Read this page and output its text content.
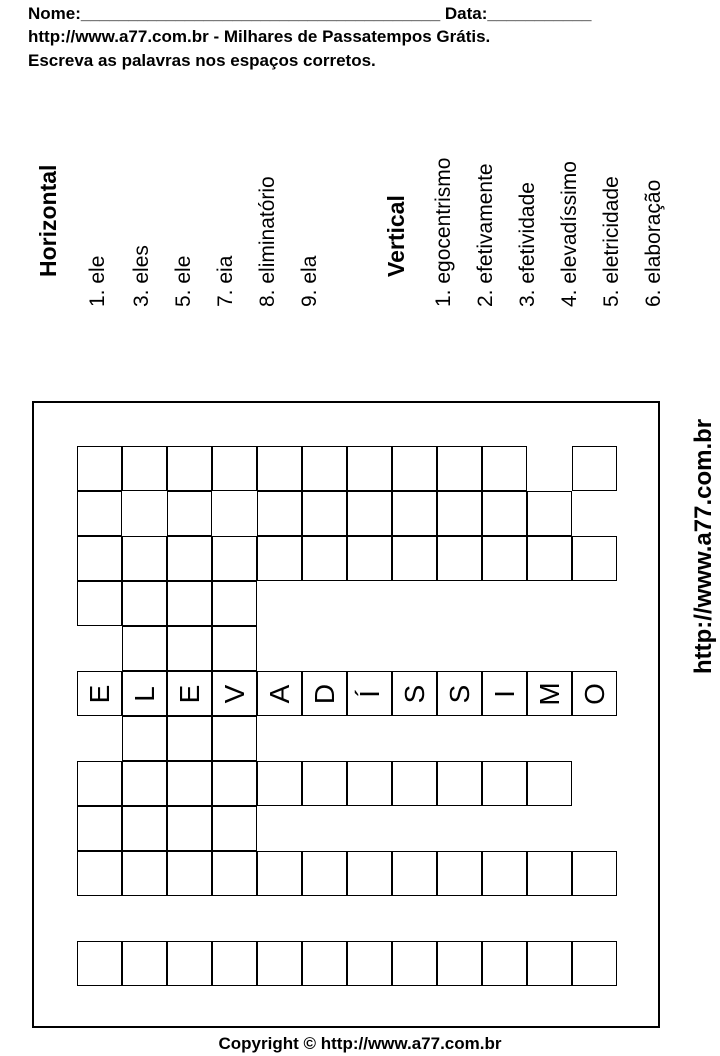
Nome:______________________________________ Data:___________
http://www.a77.com.br - Milhares de Passatempos Grátis.
Escreva as palavras nos espaços corretos.
Horizontal
1. ele 3. eles 5. ele 7. eia 8. eliminatório 9. ela
Vertical 1. egocentrismo 2. efetivamente 3. efetividade 4. elevadíssimo 5. eletricidade 6. elaboração
E L E V A D Í S S I M O
http://www.a77.com.br
Copyright © http://www.a77.com.br
